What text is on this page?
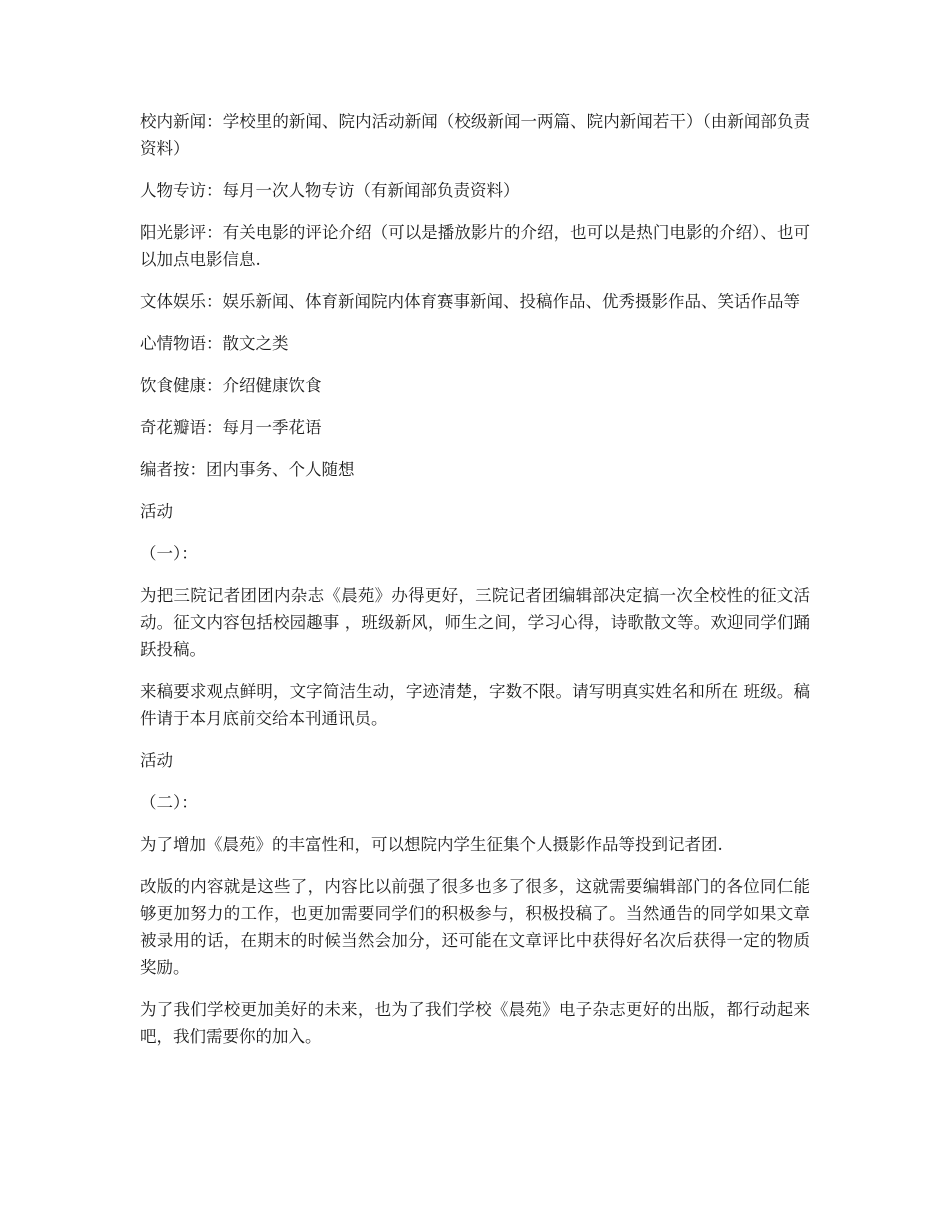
校内新闻：学校里的新闻、院内活动新闻（校级新闻一两篇、院内新闻若干）（由新闻部负责资料）

人物专访：每月一次人物专访（有新闻部负责资料）

阳光影评：有关电影的评论介绍（可以是播放影片的介绍，也可以是热门电影的介绍）、也可以加点电影信息.

文体娱乐：娱乐新闻、体育新闻院内体育赛事新闻、投稿作品、优秀摄影作品、笑话作品等

心情物语：散文之类

饮食健康：介绍健康饮食

奇花瓣语：每月一季花语

编者按：团内事务、个人随想

活动

（一）：

为把三院记者团团内杂志《晨苑》办得更好，三院记者团编辑部决定搞一次全校性的征文活动。征文内容包括校园趣事 ，班级新风，师生之间，学习心得，诗歌散文等。欢迎同学们踊跃投稿。

来稿要求观点鲜明，文字简洁生动，字迹清楚，字数不限。请写明真实姓名和所在 班级。稿件请于本月底前交给本刊通讯员。

活动

（二）：

为了增加《晨苑》的丰富性和，可以想院内学生征集个人摄影作品等投到记者团.

改版的内容就是这些了，内容比以前强了很多也多了很多，这就需要编辑部门的各位同仁能够更加努力的工作，也更加需要同学们的积极参与，积极投稿了。当然通告的同学如果文章被录用的话，在期末的时候当然会加分，还可能在文章评比中获得好名次后获得一定的物质奖励。

为了我们学校更加美好的未来，也为了我们学校《晨苑》电子杂志更好的出版，都行动起来吧，我们需要你的加入。
